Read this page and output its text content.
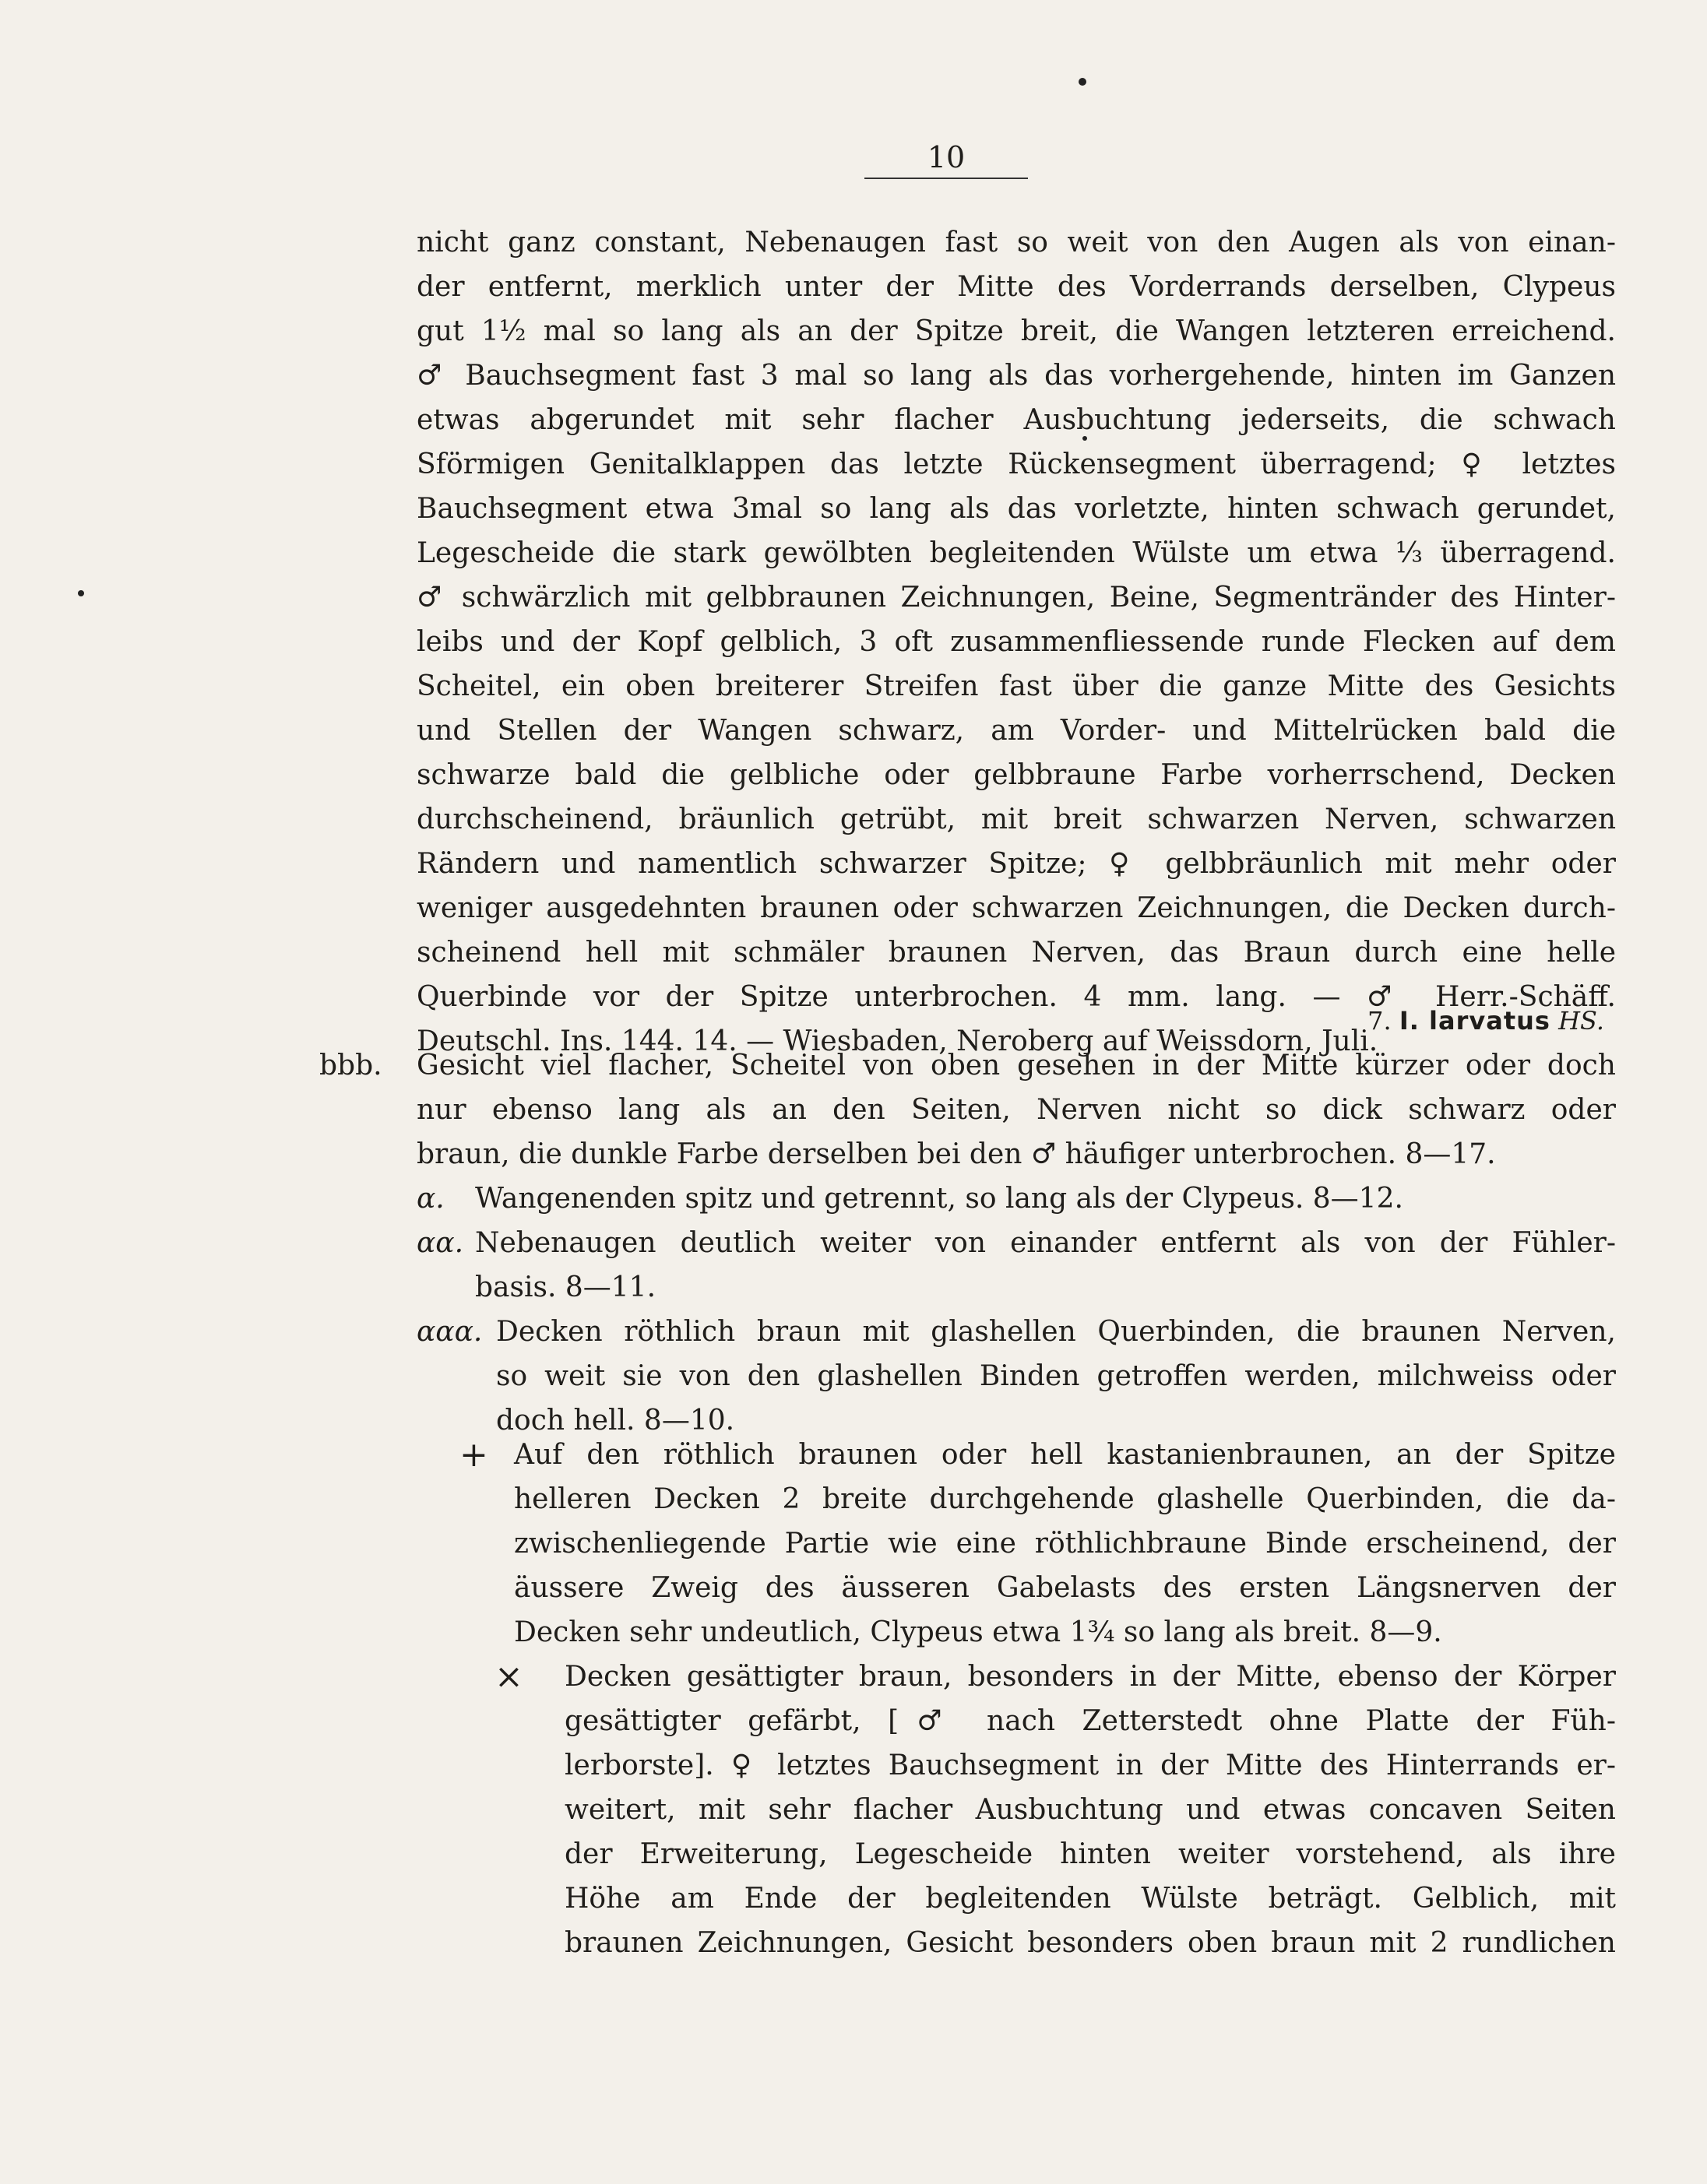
10
nicht ganz constant, Nebenaugen fast so weit von den Augen als von einan-
der entfernt, merklich unter der Mitte des Vorderrands derselben, Clypeus
gut 1½ mal so lang als an der Spitze breit, die Wangen letzteren erreichend.
♂ Bauchsegment fast 3 mal so lang als das vorhergehende, hinten im Ganzen
etwas abgerundet mit sehr flacher Ausbuchtung jederseits, die schwach
Sförmigen Genitalklappen das letzte Rückensegment überragend; ♀ letztes
Bauchsegment etwa 3mal so lang als das vorletzte, hinten schwach gerundet,
Legescheide die stark gewölbten begleitenden Wülste um etwa ⅓ überragend.
♂ schwärzlich mit gelbbraunen Zeichnungen, Beine, Segmentränder des Hinter-
leibs und der Kopf gelblich, 3 oft zusammenfliessende runde Flecken auf dem
Scheitel, ein oben breiterer Streifen fast über die ganze Mitte des Gesichts
und Stellen der Wangen schwarz, am Vorder- und Mittelrücken bald die
schwarze bald die gelbliche oder gelbbraune Farbe vorherrschend, Decken
durchscheinend, bräunlich getrübt, mit breit schwarzen Nerven, schwarzen
Rändern und namentlich schwarzer Spitze; ♀ gelbbräunlich mit mehr oder
weniger ausgedehnten braunen oder schwarzen Zeichnungen, die Decken durch-
scheinend hell mit schmäler braunen Nerven, das Braun durch eine helle
Querbinde vor der Spitze unterbrochen. 4 mm. lang. — ♂ Herr.-Schäff.
Deutschl. Ins. 144. 14. — Wiesbaden, Neroberg auf Weissdorn, Juli.
7. I. larvatus HS.
bbb. Gesicht viel flacher, Scheitel von oben gesehen in der Mitte kürzer oder doch
nur ebenso lang als an den Seiten, Nerven nicht so dick schwarz oder
braun, die dunkle Farbe derselben bei den ♂ häufiger unterbrochen. 8—17.
α. Wangenenden spitz und getrennt, so lang als der Clypeus. 8—12.
αα. Nebenaugen deutlich weiter von einander entfernt als von der Fühler-
basis. 8—11.
ααα. Decken röthlich braun mit glashellen Querbinden, die braunen Nerven,
so weit sie von den glashellen Binden getroffen werden, milchweiss oder
doch hell. 8—10.
+ Auf den röthlich braunen oder hell kastanienbraunen, an der Spitze
helleren Decken 2 breite durchgehende glashelle Querbinden, die da-
zwischenliegende Partie wie eine röthlichbraune Binde erscheinend, der
äussere Zweig des äusseren Gabelasts des ersten Längsnerven der
Decken sehr undeutlich, Clypeus etwa 1¾ so lang als breit. 8—9.
× Decken gesättigter braun, besonders in der Mitte, ebenso der Körper
gesättigter gefärbt, [♂ nach Zetterstedt ohne Platte der Füh-
lerborste]. ♀ letztes Bauchsegment in der Mitte des Hinterrands er-
weitert, mit sehr flacher Ausbuchtung und etwas concaven Seiten
der Erweiterung, Legescheide hinten weiter vorstehend, als ihre
Höhe am Ende der begleitenden Wülste beträgt. Gelblich, mit
braunen Zeichnungen, Gesicht besonders oben braun mit 2 rundlichen
